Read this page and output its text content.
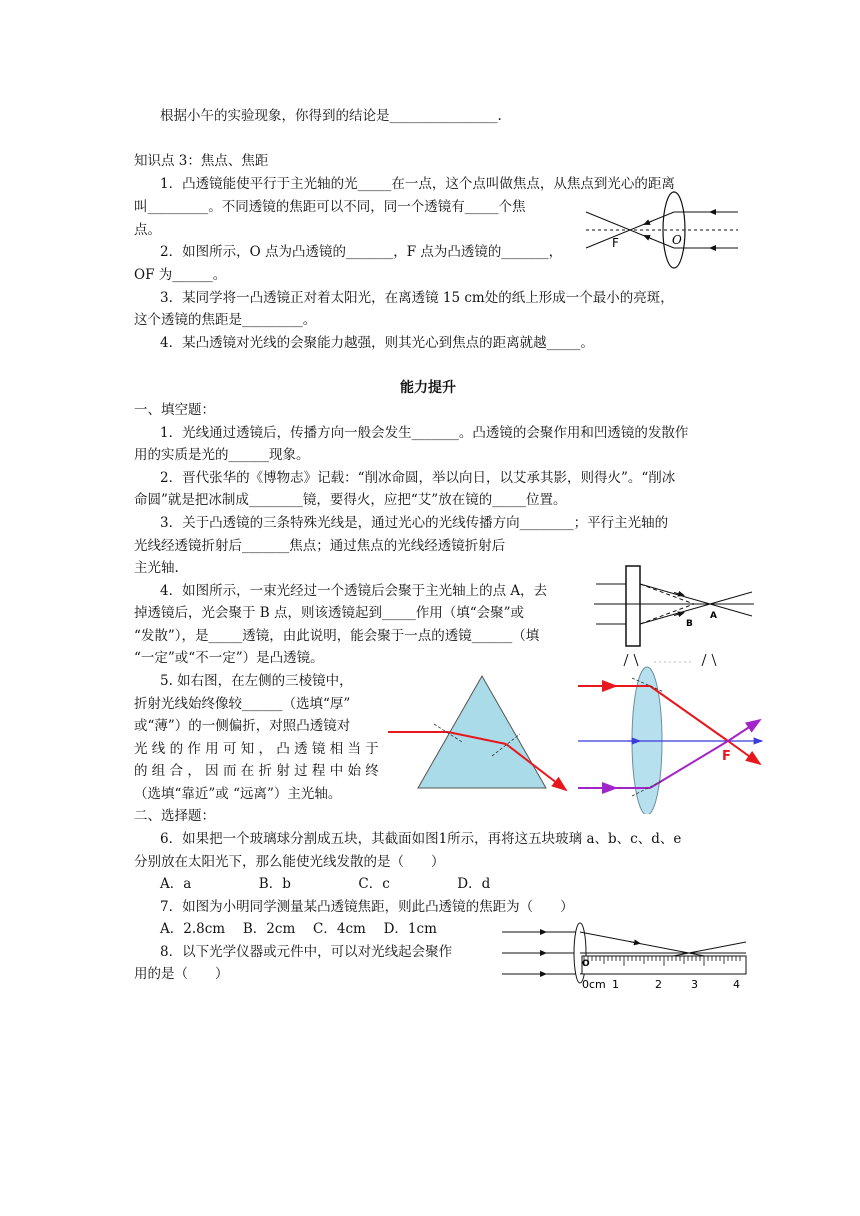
根据小午的实验现象，你得到的结论是________________.
知识点 3：焦点、焦距
1．凸透镜能使平行于主光轴的光_____在一点，这个点叫做焦点，从焦点到光心的距离
叫_________。不同透镜的焦距可以不同，同一个透镜有_____个焦
点。
2．如图所示，O 点为凸透镜的_______，F 点为凸透镜的_______，
OF 为______。
3．某同学将一凸透镜正对着太阳光，在离透镜 15 cm处的纸上形成一个最小的亮斑，
这个透镜的焦距是_________。
4．某凸透镜对光线的会聚能力越强，则其光心到焦点的距离就越_____。
能力提升
一、填空题：
1．光线通过透镜后，传播方向一般会发生_______。凸透镜的会聚作用和凹透镜的发散作
用的实质是光的______现象。
2．晋代张华的《博物志》记载：“削冰命圆，举以向日，以艾承其影，则得火”。“削冰
命圆”就是把冰制成________镜，要得火，应把“艾”放在镜的_____位置。
3．关于凸透镜的三条特殊光线是，通过光心的光线传播方向________；平行主光轴的
光线经透镜折射后_______焦点；通过焦点的光线经透镜折射后
主光轴.
4．如图所示，一束光经过一个透镜后会聚于主光轴上的点 A，去
掉透镜后，光会聚于 B 点，则该透镜起到_____作用（填“会聚”或
“发散”），是_____透镜，由此说明，能会聚于一点的透镜______（填
“一定”或“不一定”）是凸透镜。
5. 如右图，在左侧的三棱镜中，
折射光线始终像较______（选填“厚”
或“薄”）的一侧偏折，对照凸透镜对
光 线 的 作 用 可 知 ， 凸 透 镜 相 当 于
的 组 合 ， 因 而 在 折 射 过 程 中 始 终
（选填“靠近”或 “远离”）主光轴。
二、选择题：
6．如果把一个玻璃球分割成五块，其截面如图1所示，再将这五块玻璃 a、b、c、d、e
分别放在太阳光下，那么能使光线发散的是（　　）
A．a　　　　　B．b　　　　　C．c　　　　　D．d
7．如图为小明同学测量某凸透镜焦距，则此凸透镜的焦距为（　　）
A．2.8cm　 B．2cm　 C．4cm　 D．1cm
8．以下光学仪器或元件中，可以对光线起会聚作
用的是（　　）
F	O
A
B
F
O
0cm 1	2	3	4
